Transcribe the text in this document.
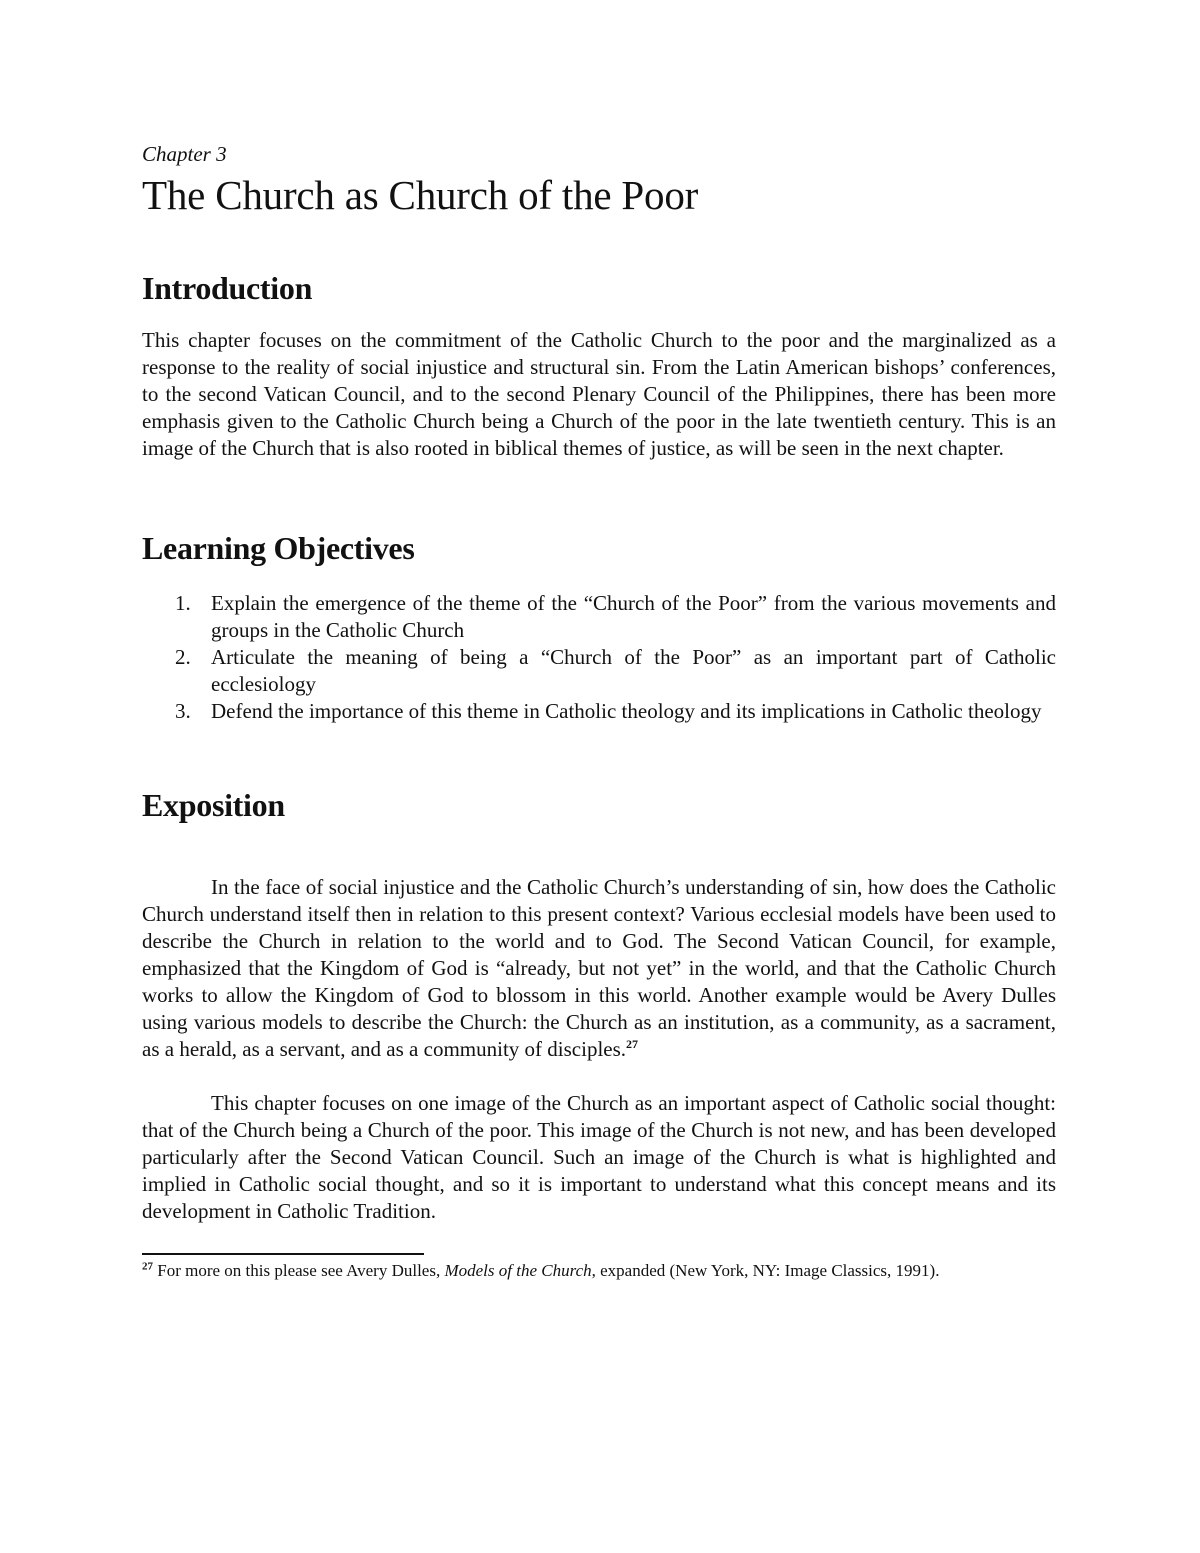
Chapter 3

The Church as Church of the Poor
Introduction

This chapter focuses on the commitment of the Catholic Church to the poor and the marginalized as a response to the reality of social injustice and structural sin. From the Latin American bishops’ conferences, to the second Vatican Council, and to the second Plenary Council of the Philippines, there has been more emphasis given to the Catholic Church being a Church of the poor in the late twentieth century. This is an image of the Church that is also rooted in biblical themes of justice, as will be seen in the next chapter.

Learning Objectives
1. Explain the emergence of the theme of the “Church of the Poor” from the various movements and groups in the Catholic Church
2. Articulate the meaning of being a “Church of the Poor” as an important part of Catholic ecclesiology
3. Defend the importance of this theme in Catholic theology and its implications in Catholic theology
Exposition

In the face of social injustice and the Catholic Church’s understanding of sin, how does the Catholic Church understand itself then in relation to this present context? Various ecclesial models have been used to describe the Church in relation to the world and to God. The Second Vatican Council, for example, emphasized that the Kingdom of God is “already, but not yet” in the world, and that the Catholic Church works to allow the Kingdom of God to blossom in this world. Another example would be Avery Dulles using various models to describe the Church: the Church as an institution, as a community, as a sacrament, as a herald, as a servant, and as a community of disciples.$^{27}$

This chapter focuses on one image of the Church as an important aspect of Catholic social thought: that of the Church being a Church of the poor. This image of the Church is not new, and has been developed particularly after the Second Vatican Council. Such an image of the Church is what is highlighted and implied in Catholic social thought, and so it is important to understand what this concept means and its development in Catholic Tradition.

$^{27}$ For more on this please see Avery Dulles, Models of the Church, expanded (New York, NY: Image Classics, 1991).
